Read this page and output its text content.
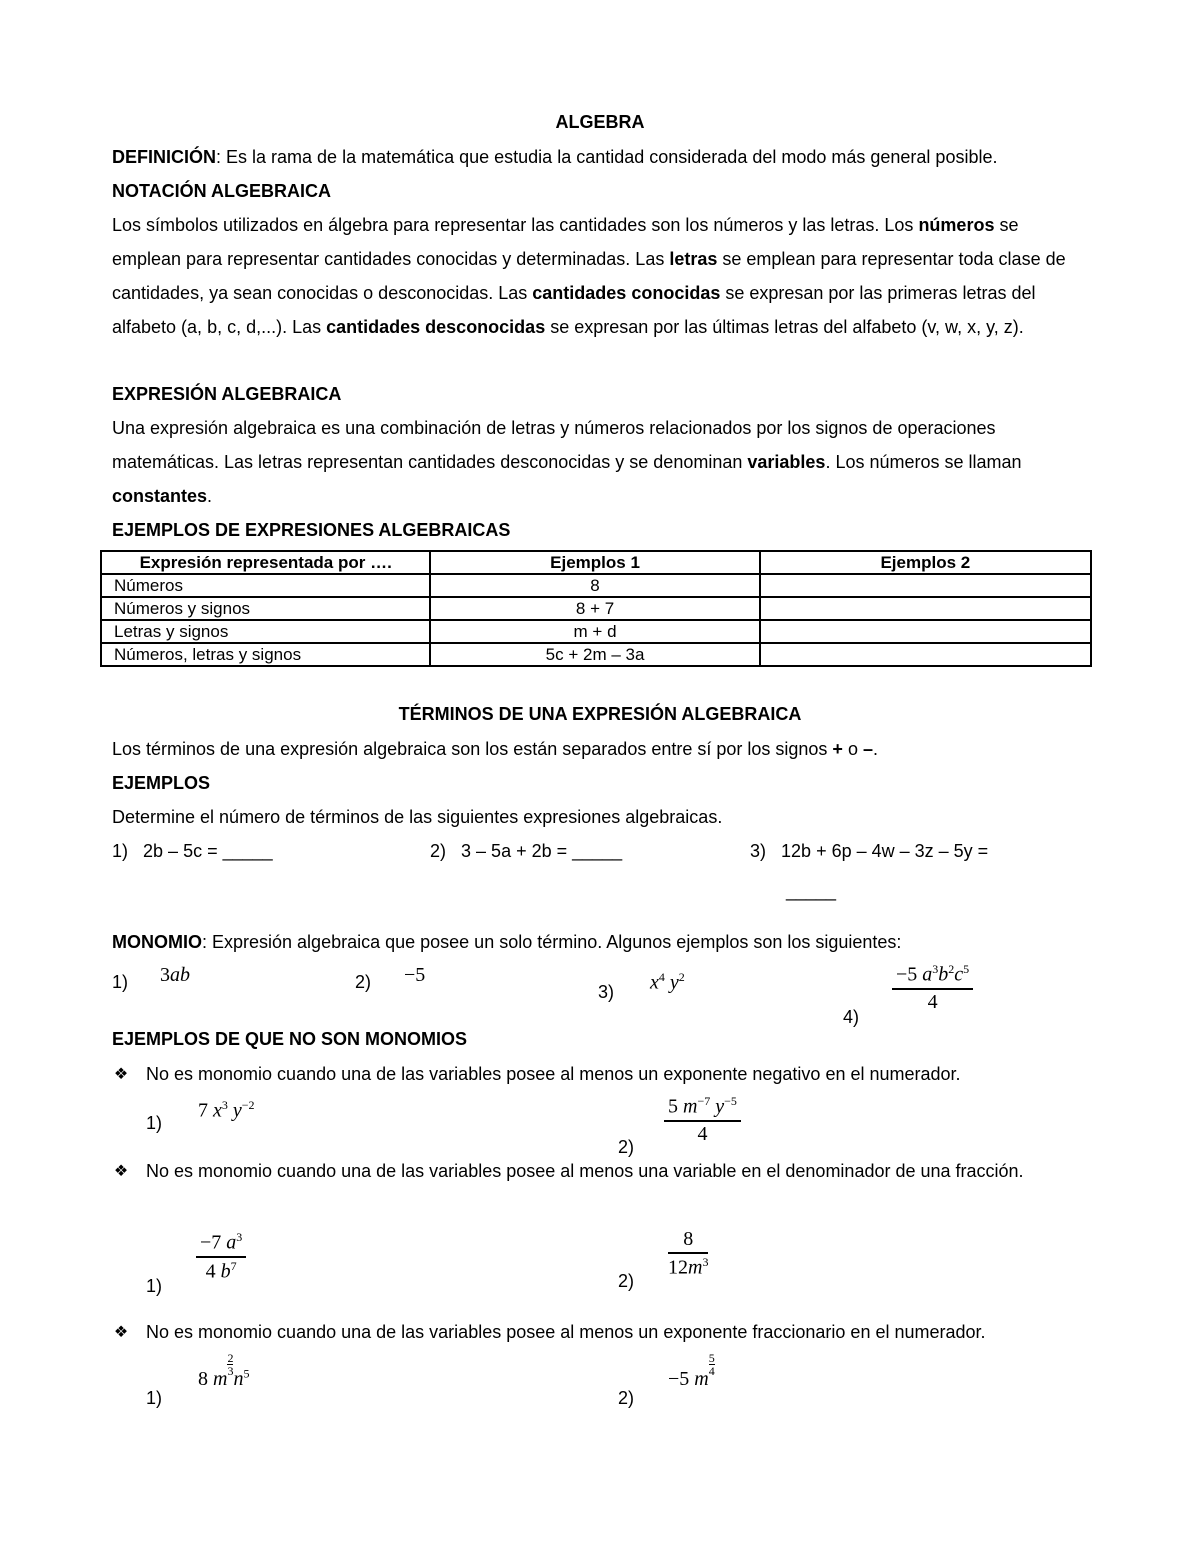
ALGEBRA

DEFINICIÓN: Es la rama de la matemática que estudia la cantidad considerada del modo más general posible.

NOTACIÓN ALGEBRAICA

Los símbolos utilizados en álgebra para representar las cantidades son los números y las letras. Los números se emplean para representar cantidades conocidas y determinadas. Las letras se emplean para representar toda clase de cantidades, ya sean conocidas o desconocidas. Las cantidades conocidas se expresan por las primeras letras del alfabeto (a, b, c, d,...). Las cantidades desconocidas se expresan por las últimas letras del alfabeto (v, w, x, y, z).

EXPRESIÓN ALGEBRAICA

Una expresión algebraica es una combinación de letras y números relacionados por los signos de operaciones matemáticas. Las letras representan cantidades desconocidas y se denominan variables. Los números se llaman constantes.

EJEMPLOS DE EXPRESIONES ALGEBRAICAS
Expresión representada por ….	Ejemplos 1	Ejemplos 2
Números	8	
Números y signos	8 + 7	
Letras y signos	m + d	
Números, letras y signos	5c + 2m – 3a	
TÉRMINOS DE UNA EXPRESIÓN ALGEBRAICA

Los términos de una expresión algebraica son los están separados entre sí por los signos + o –.

EJEMPLOS
Determine el número de términos de las siguientes expresiones algebraicas.
1) 2b – 5c = _____	2) 3 – 5a + 2b = _____	3) 12b + 6p – 4w – 3z – 5y =
_____

MONOMIO: Expresión algebraica que posee un solo término. Algunos ejemplos son los siguientes:

1) 3ab	2) −5
3) $x^4$ $y^2$
4)
$\frac{-5 a^3b^2c^5}{4}$
EJEMPLOS DE QUE NO SON MONOMIOS
❖ No es monomio cuando una de las variables posee al menos un exponente negativo en el numerador.
1)
7 $x^3$ $y^{-2}$
2)
$\frac{5 m^{-7} y^{-5}}{4}$
❖ No es monomio cuando una de las variables posee al menos una variable en el denominador de una fracción.
1)
$\frac{-7 a^3}{4 b^7}$	2)
$\frac{8}{12m^3}$
❖ No es monomio cuando una de las variables posee al menos un exponente fraccionario en el numerador.
1)
8 m
$\frac{2}{3}$
$n^5$
2)
−5 m
$\frac{5}{4}$
